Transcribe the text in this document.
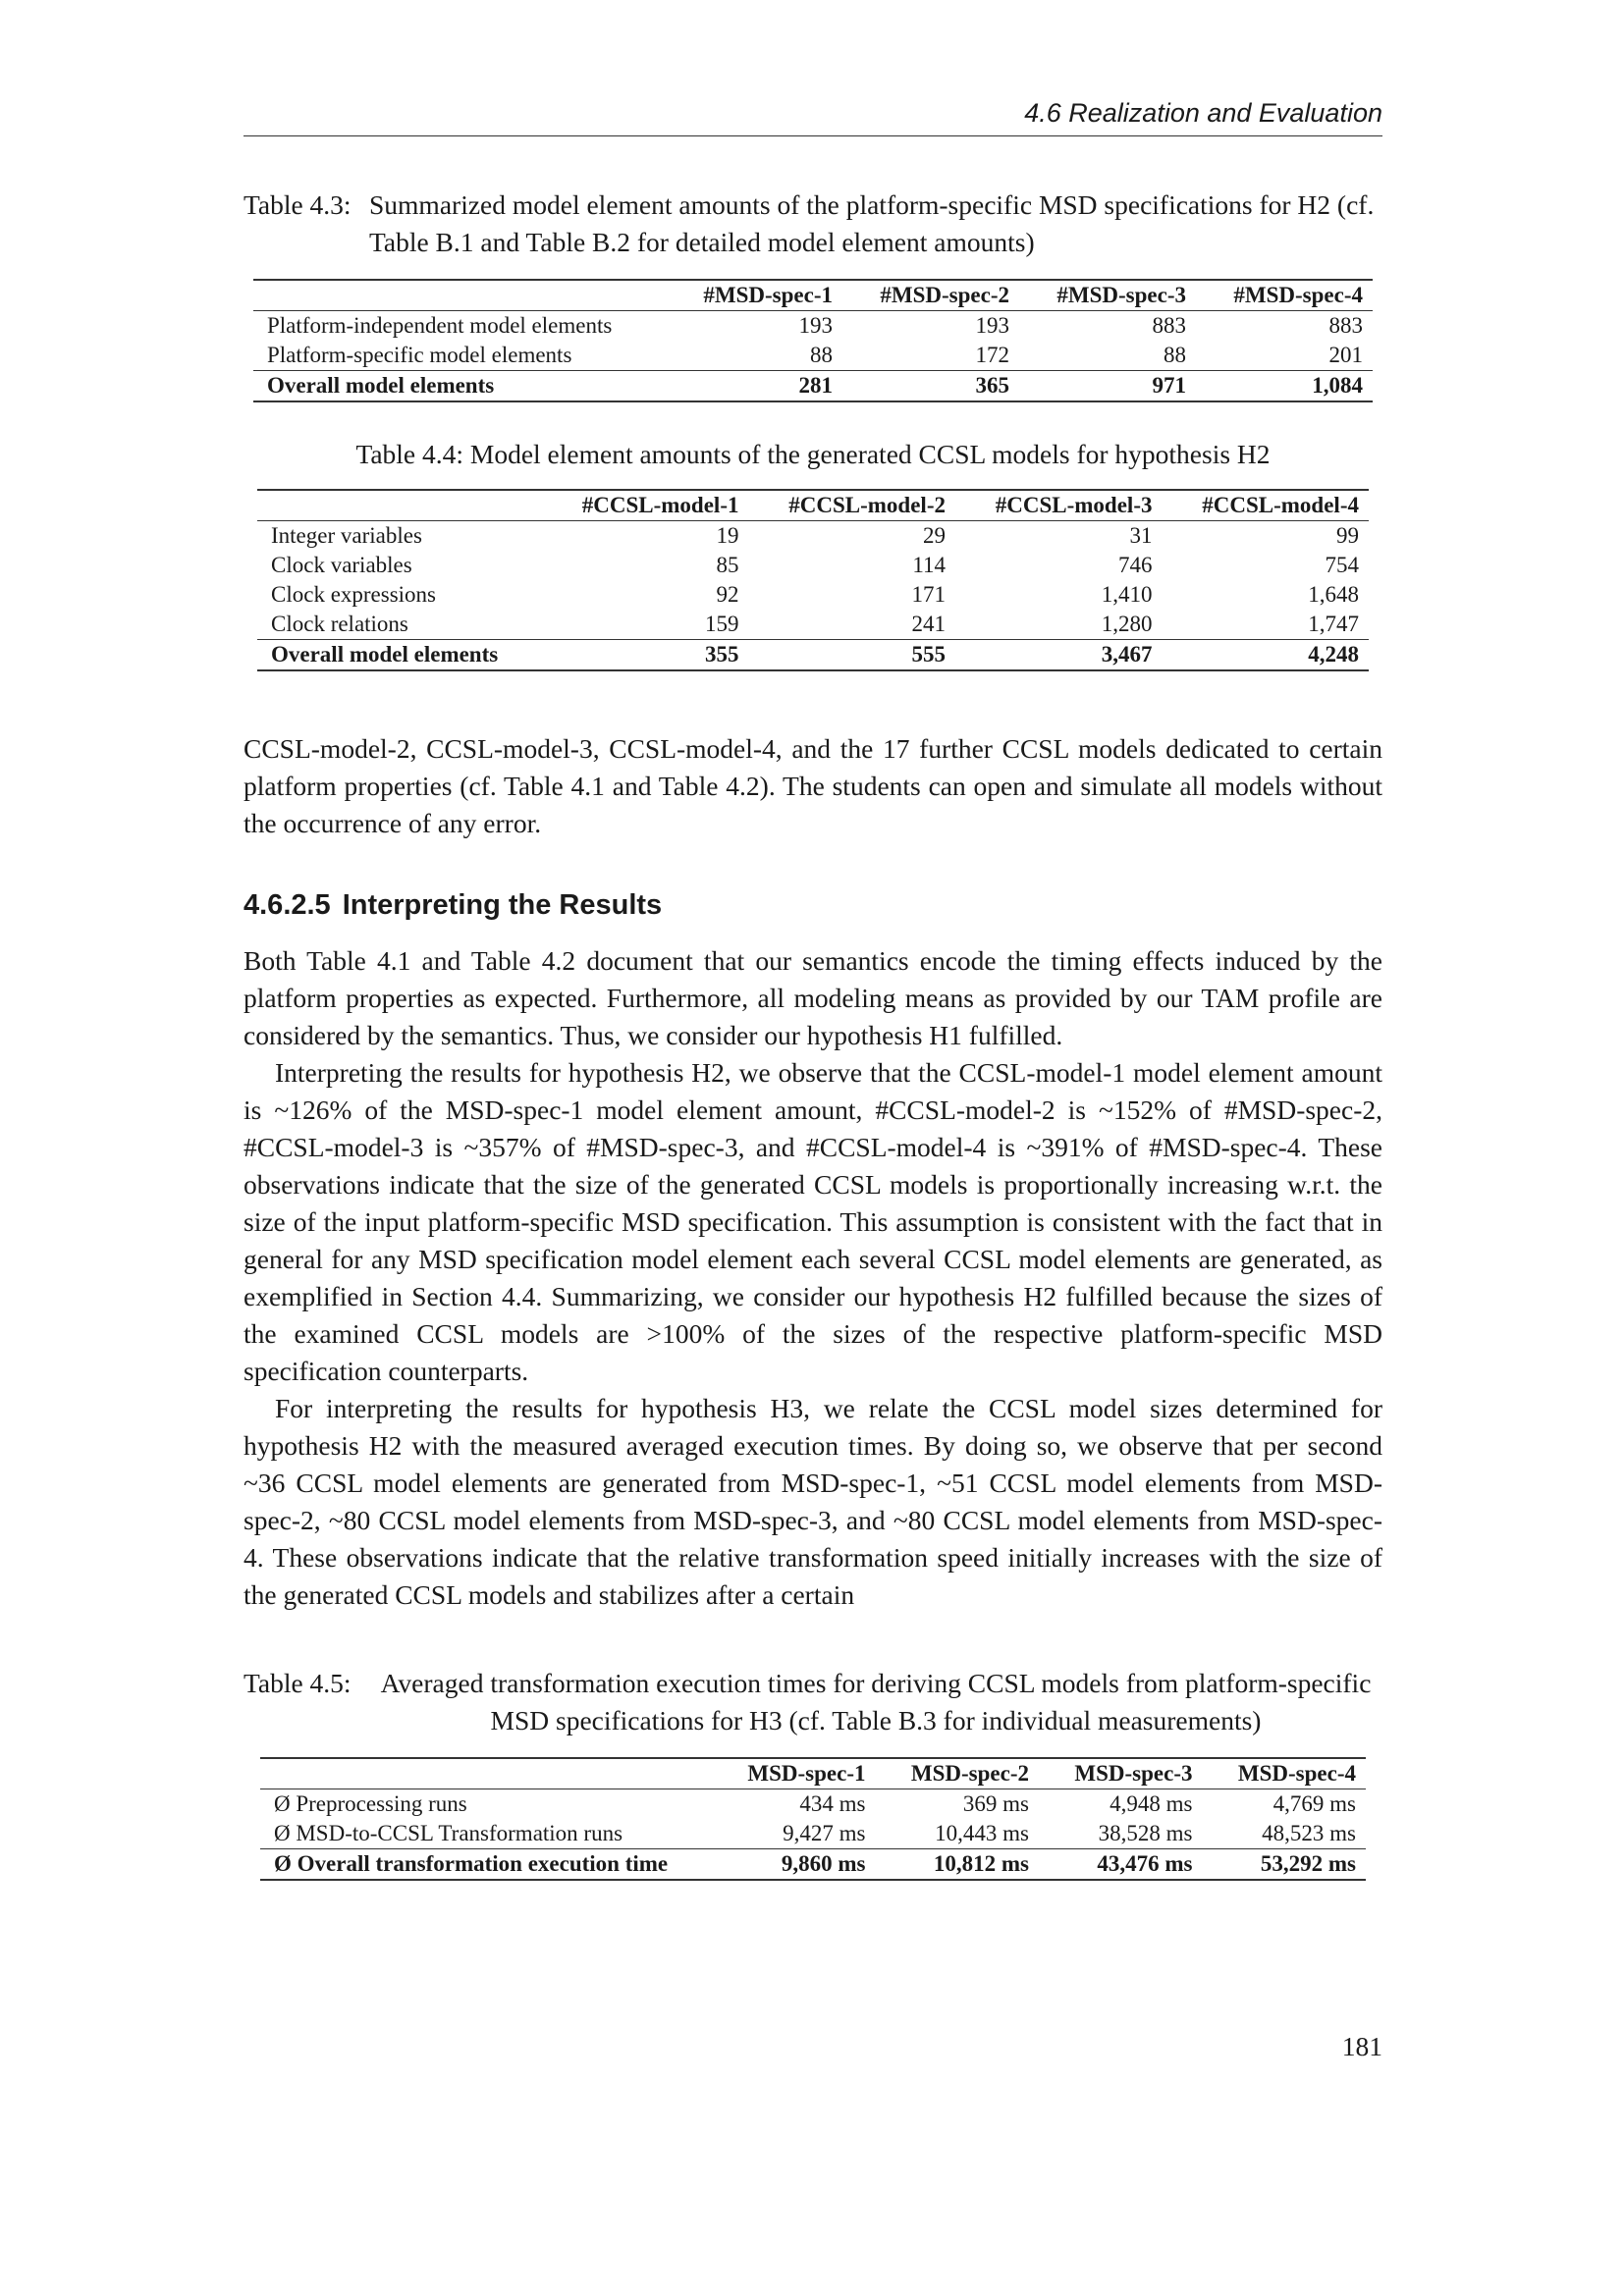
4.6 Realization and Evaluation
Table 4.3: Summarized model element amounts of the platform-specific MSD specifications for H2 (cf. Table B.1 and Table B.2 for detailed model element amounts)
	#MSD-spec-1	#MSD-spec-2	#MSD-spec-3	#MSD-spec-4
Platform-independent model elements	193	193	883	883
Platform-specific model elements	88	172	88	201
Overall model elements	281	365	971	1,084
Table 4.4: Model element amounts of the generated CCSL models for hypothesis H2
	#CCSL-model-1	#CCSL-model-2	#CCSL-model-3	#CCSL-model-4
Integer variables	19	29	31	99
Clock variables	85	114	746	754
Clock expressions	92	171	1,410	1,648
Clock relations	159	241	1,280	1,747
Overall model elements	355	555	3,467	4,248

CCSL-model-2, CCSL-model-3, CCSL-model-4, and the 17 further CCSL models dedicated to certain platform properties (cf. Table 4.1 and Table 4.2). The students can open and simulate all models without the occurrence of any error.

4.6.2.5 Interpreting the Results

Both Table 4.1 and Table 4.2 document that our semantics encode the timing effects induced by the platform properties as expected. Furthermore, all modeling means as provided by our TAM profile are considered by the semantics. Thus, we consider our hypothesis H1 fulfilled.

Interpreting the results for hypothesis H2, we observe that the CCSL-model-1 model element amount is ~126% of the MSD-spec-1 model element amount, #CCSL-model-2 is ~152% of #MSD-spec-2, #CCSL-model-3 is ~357% of #MSD-spec-3, and #CCSL-model-4 is ~391% of #MSD-spec-4. These observations indicate that the size of the generated CCSL models is proportionally increasing w.r.t. the size of the input platform-specific MSD specification. This assumption is consistent with the fact that in general for any MSD specification model element each several CCSL model elements are generated, as exemplified in Section 4.4. Summarizing, we consider our hypothesis H2 fulfilled because the sizes of the examined CCSL models are >100% of the sizes of the respective platform-specific MSD specification counterparts.

For interpreting the results for hypothesis H3, we relate the CCSL model sizes determined for hypothesis H2 with the measured averaged execution times. By doing so, we observe that per second ~36 CCSL model elements are generated from MSD-spec-1, ~51 CCSL model elements from MSD-spec-2, ~80 CCSL model elements from MSD-spec-3, and ~80 CCSL model elements from MSD-spec-4. These observations indicate that the relative transformation speed initially increases with the size of the generated CCSL models and stabilizes after a certain

Table 4.5:	Averaged transformation execution times for deriving CCSL models from platform-specific MSD specifications for H3 (cf. Table B.3 for individual measurements)
	MSD-spec-1	MSD-spec-2	MSD-spec-3	MSD-spec-4
Ø Preprocessing runs	434 ms	369 ms	4,948 ms	4,769 ms
Ø MSD-to-CCSL Transformation runs	9,427 ms	10,443 ms	38,528 ms	48,523 ms
Ø Overall transformation execution time	9,860 ms	10,812 ms	43,476 ms	53,292 ms
181
